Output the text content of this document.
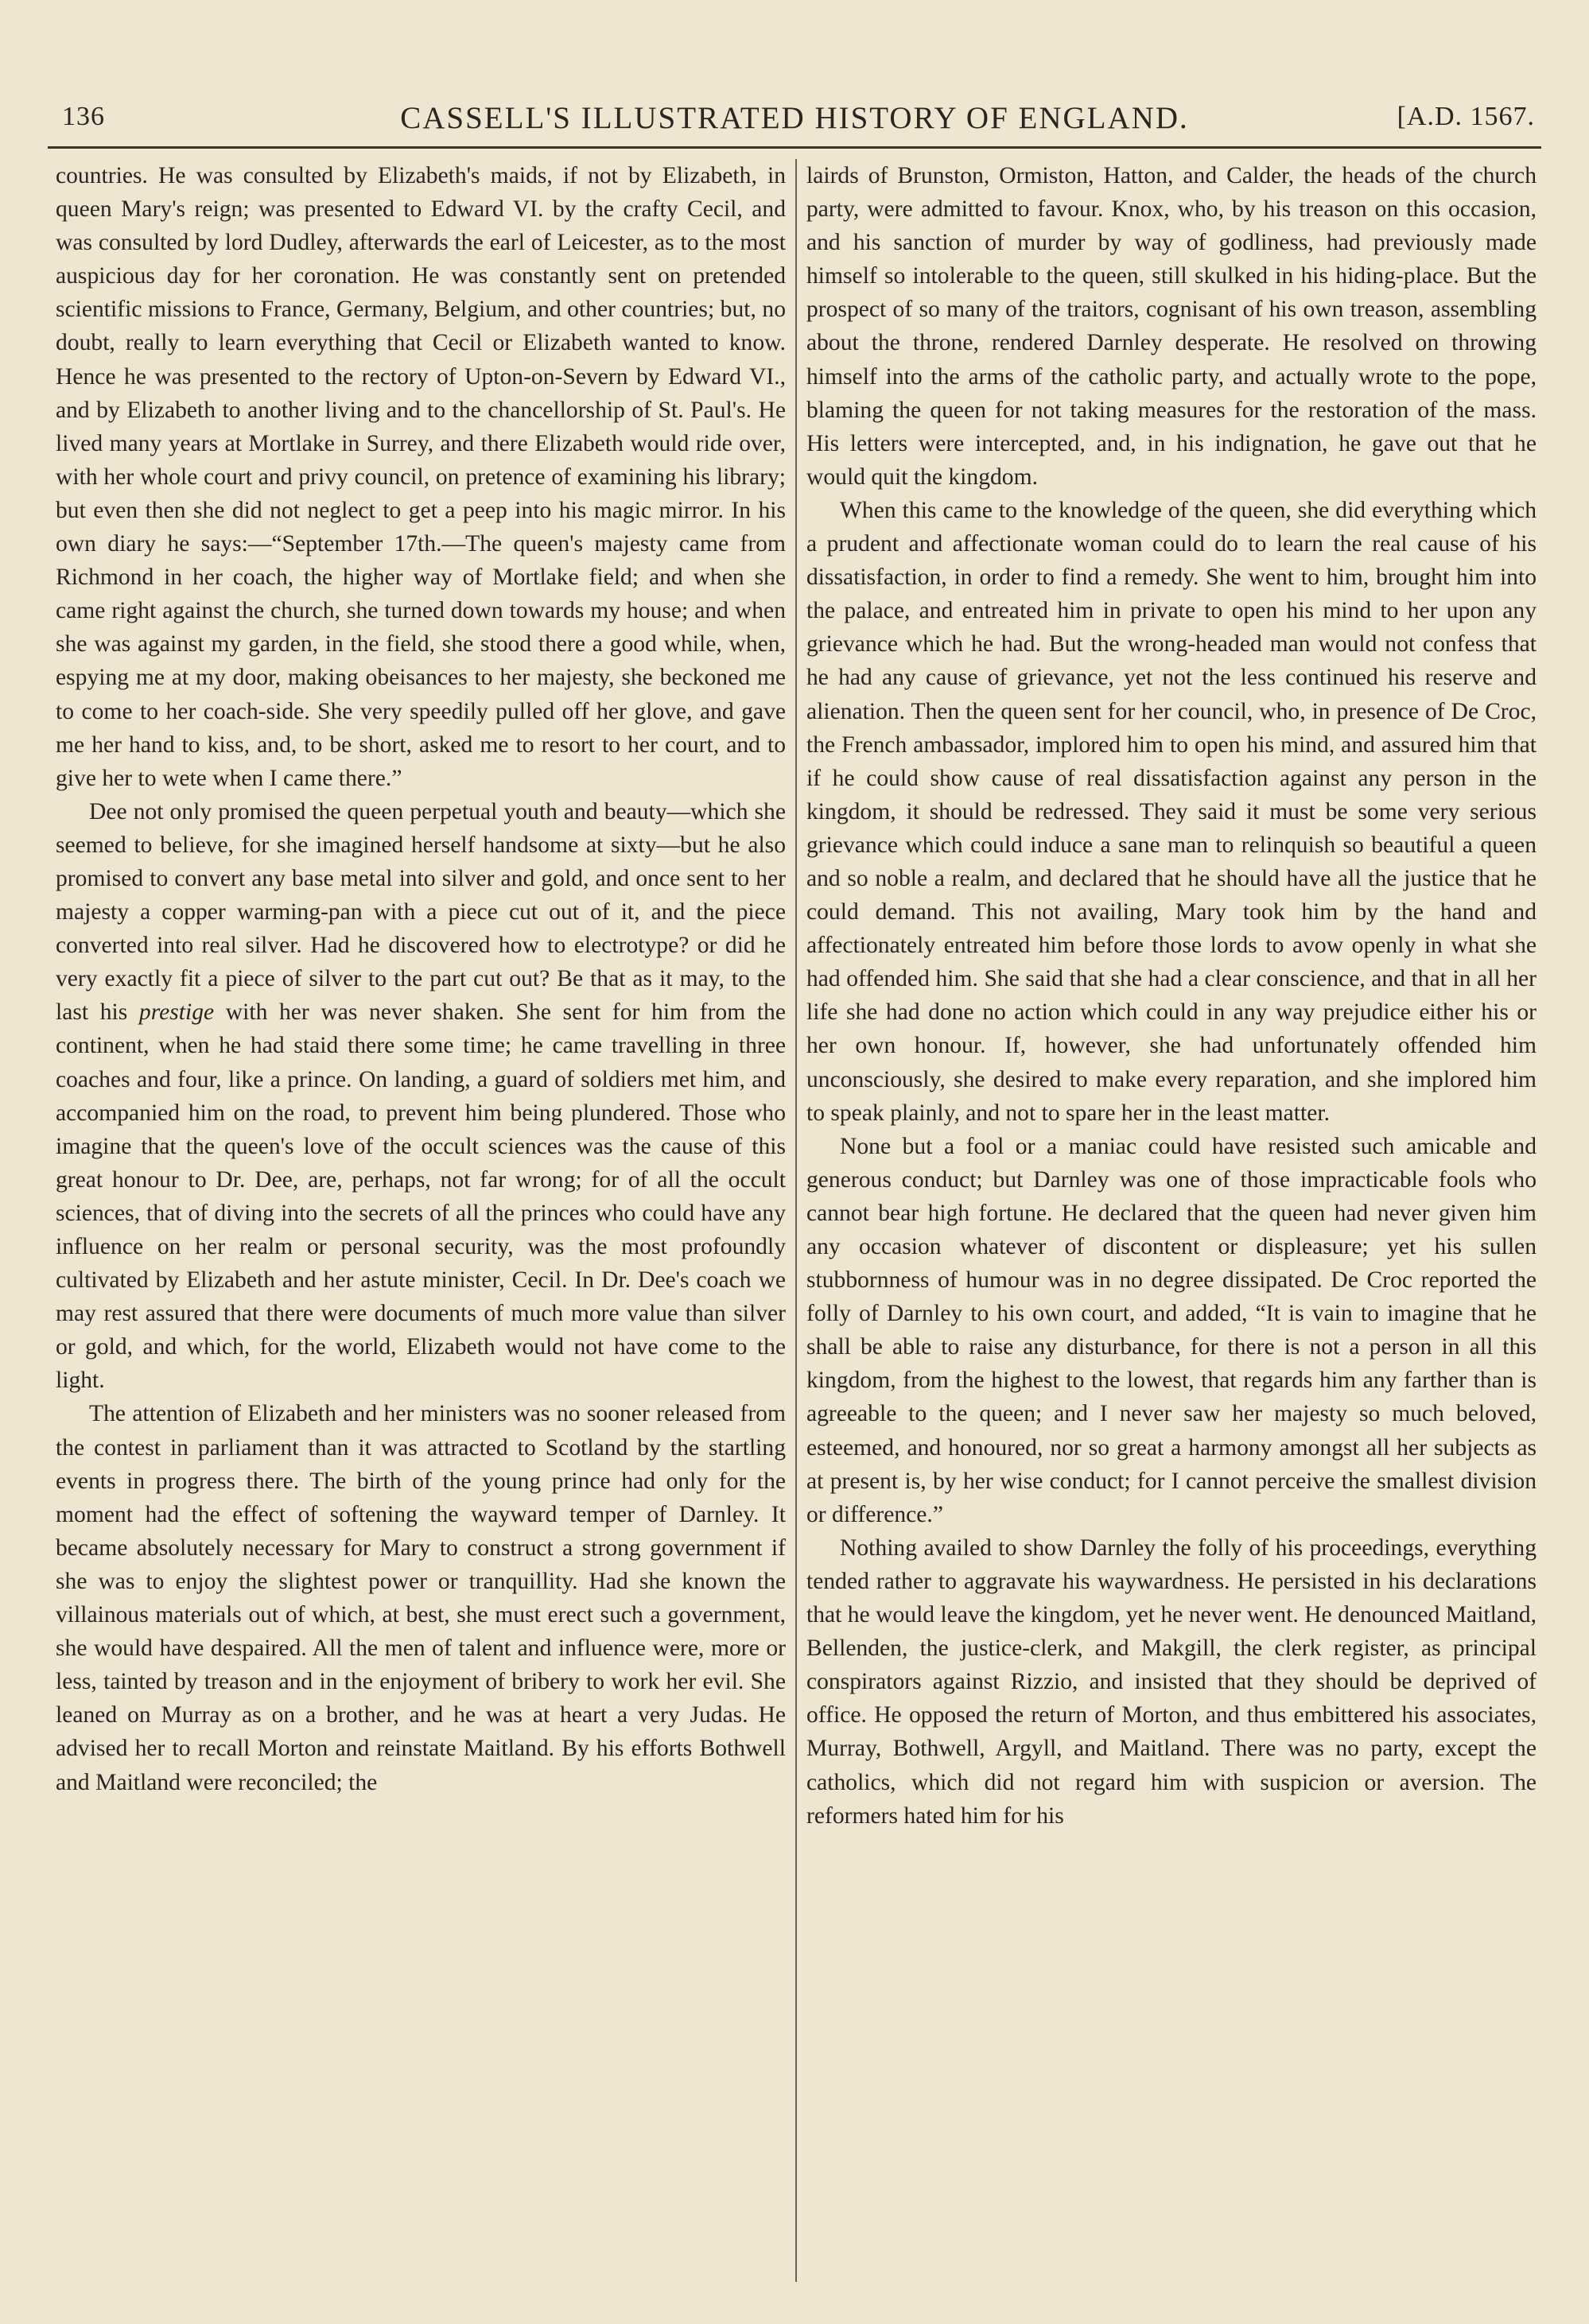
136	CASSELL'S ILLUSTRATED HISTORY OF ENGLAND.	[A.D. 1567.

countries. He was consulted by Elizabeth's maids, if not by Elizabeth, in queen Mary's reign; was presented to Edward VI. by the crafty Cecil, and was consulted by lord Dudley, afterwards the earl of Leicester, as to the most auspicious day for her coronation. He was constantly sent on pretended scientific missions to France, Germany, Belgium, and other countries; but, no doubt, really to learn everything that Cecil or Elizabeth wanted to know. Hence he was presented to the rectory of Upton-on-Severn by Edward VI., and by Elizabeth to another living and to the chancellorship of St. Paul's. He lived many years at Mortlake in Surrey, and there Elizabeth would ride over, with her whole court and privy council, on pretence of examining his library; but even then she did not neglect to get a peep into his magic mirror. In his own diary he says:—“September 17th.—The queen's majesty came from Richmond in her coach, the higher way of Mortlake field; and when she came right against the church, she turned down towards my house; and when she was against my garden, in the field, she stood there a good while, when, espying me at my door, making obeisances to her majesty, she beckoned me to come to her coach-side. She very speedily pulled off her glove, and gave me her hand to kiss, and, to be short, asked me to resort to her court, and to give her to wete when I came there.”

Dee not only promised the queen perpetual youth and beauty—which she seemed to believe, for she imagined herself handsome at sixty—but he also promised to convert any base metal into silver and gold, and once sent to her majesty a copper warming-pan with a piece cut out of it, and the piece converted into real silver. Had he discovered how to electrotype? or did he very exactly fit a piece of silver to the part cut out? Be that as it may, to the last his prestige with her was never shaken. She sent for him from the continent, when he had staid there some time; he came travelling in three coaches and four, like a prince. On landing, a guard of soldiers met him, and accompanied him on the road, to prevent him being plundered. Those who imagine that the queen's love of the occult sciences was the cause of this great honour to Dr. Dee, are, perhaps, not far wrong; for of all the occult sciences, that of diving into the secrets of all the princes who could have any influence on her realm or personal security, was the most profoundly cultivated by Elizabeth and her astute minister, Cecil. In Dr. Dee's coach we may rest assured that there were documents of much more value than silver or gold, and which, for the world, Elizabeth would not have come to the light.

The attention of Elizabeth and her ministers was no sooner released from the contest in parliament than it was attracted to Scotland by the startling events in progress there. The birth of the young prince had only for the moment had the effect of softening the wayward temper of Darnley. It became absolutely necessary for Mary to construct a strong government if she was to enjoy the slightest power or tranquillity. Had she known the villainous materials out of which, at best, she must erect such a government, she would have despaired. All the men of talent and influence were, more or less, tainted by treason and in the enjoyment of bribery to work her evil. She leaned on Murray as on a brother, and he was at heart a very Judas. He advised her to recall Morton and reinstate Maitland. By his efforts Bothwell and Maitland were reconciled; the

lairds of Brunston, Ormiston, Hatton, and Calder, the heads of the church party, were admitted to favour. Knox, who, by his treason on this occasion, and his sanction of murder by way of godliness, had previously made himself so intolerable to the queen, still skulked in his hiding-place. But the prospect of so many of the traitors, cognisant of his own treason, assembling about the throne, rendered Darnley desperate. He resolved on throwing himself into the arms of the catholic party, and actually wrote to the pope, blaming the queen for not taking measures for the restoration of the mass. His letters were intercepted, and, in his indignation, he gave out that he would quit the kingdom.

When this came to the knowledge of the queen, she did everything which a prudent and affectionate woman could do to learn the real cause of his dissatisfaction, in order to find a remedy. She went to him, brought him into the palace, and entreated him in private to open his mind to her upon any grievance which he had. But the wrong-headed man would not confess that he had any cause of grievance, yet not the less continued his reserve and alienation. Then the queen sent for her council, who, in presence of De Croc, the French ambassador, implored him to open his mind, and assured him that if he could show cause of real dissatisfaction against any person in the kingdom, it should be redressed. They said it must be some very serious grievance which could induce a sane man to relinquish so beautiful a queen and so noble a realm, and declared that he should have all the justice that he could demand. This not availing, Mary took him by the hand and affectionately entreated him before those lords to avow openly in what she had offended him. She said that she had a clear conscience, and that in all her life she had done no action which could in any way prejudice either his or her own honour. If, however, she had unfortunately offended him unconsciously, she desired to make every reparation, and she implored him to speak plainly, and not to spare her in the least matter.

None but a fool or a maniac could have resisted such amicable and generous conduct; but Darnley was one of those impracticable fools who cannot bear high fortune. He declared that the queen had never given him any occasion whatever of discontent or displeasure; yet his sullen stubbornness of humour was in no degree dissipated. De Croc reported the folly of Darnley to his own court, and added, “It is vain to imagine that he shall be able to raise any disturbance, for there is not a person in all this kingdom, from the highest to the lowest, that regards him any farther than is agreeable to the queen; and I never saw her majesty so much beloved, esteemed, and honoured, nor so great a harmony amongst all her subjects as at present is, by her wise conduct; for I cannot perceive the smallest division or difference.”

Nothing availed to show Darnley the folly of his proceedings, everything tended rather to aggravate his waywardness. He persisted in his declarations that he would leave the kingdom, yet he never went. He denounced Maitland, Bellenden, the justice-clerk, and Makgill, the clerk register, as principal conspirators against Rizzio, and insisted that they should be deprived of office. He opposed the return of Morton, and thus embittered his associates, Murray, Bothwell, Argyll, and Maitland. There was no party, except the catholics, which did not regard him with suspicion or aversion. The reformers hated him for his
